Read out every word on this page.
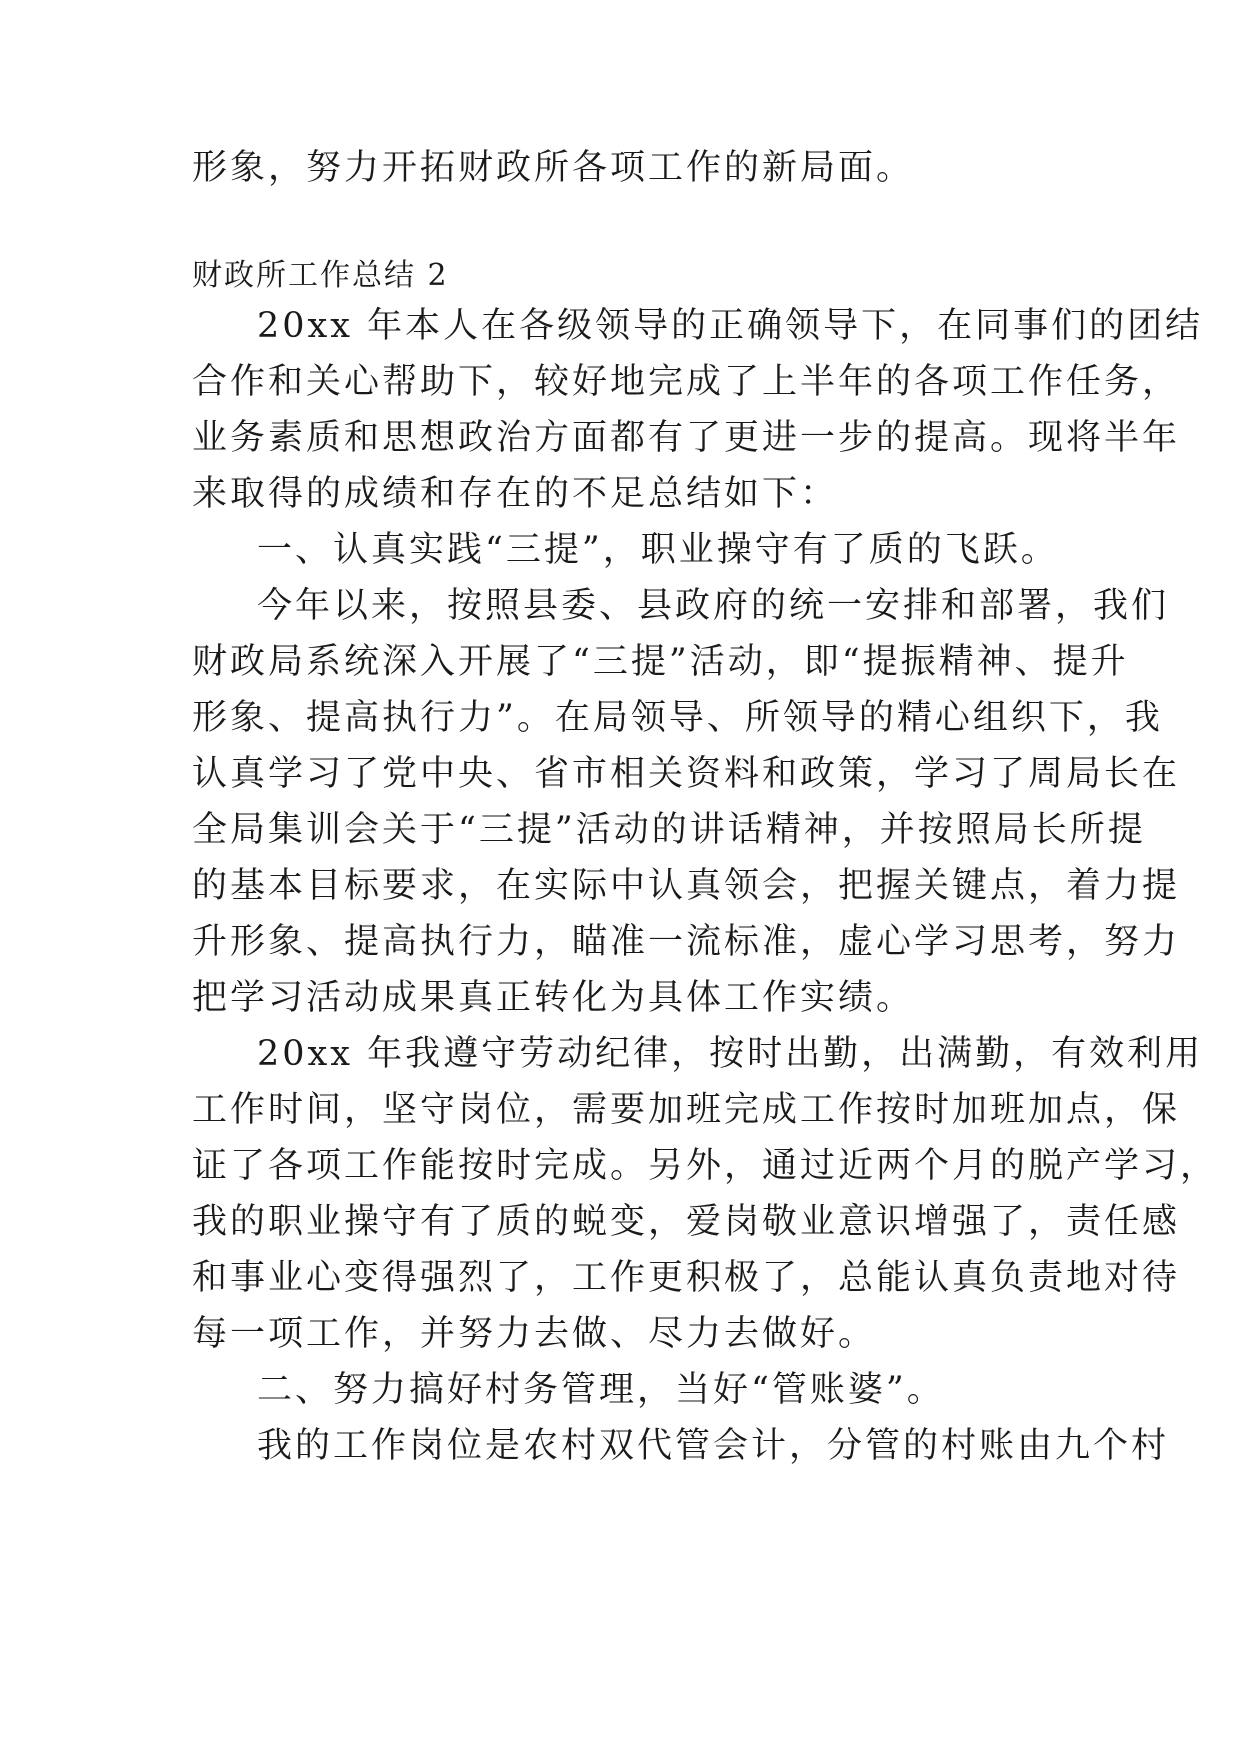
形象，努力开拓财政所各项工作的新局面。
财政所工作总结 2
20xx 年本人在各级领导的正确领导下，在同事们的团结
合作和关心帮助下，较好地完成了上半年的各项工作任务，
业务素质和思想政治方面都有了更进一步的提高。现将半年
来取得的成绩和存在的不足总结如下：
一、认真实践“三提”，职业操守有了质的飞跃。
今年以来，按照县委、县政府的统一安排和部署，我们
财政局系统深入开展了“三提”活动，即“提振精神、提升
形象、提高执行力”。在局领导、所领导的精心组织下，我
认真学习了党中央、省市相关资料和政策，学习了周局长在
全局集训会关于“三提”活动的讲话精神，并按照局长所提
的基本目标要求，在实际中认真领会，把握关键点，着力提
升形象、提高执行力，瞄准一流标准，虚心学习思考，努力
把学习活动成果真正转化为具体工作实绩。
20xx 年我遵守劳动纪律，按时出勤，出满勤，有效利用
工作时间，坚守岗位，需要加班完成工作按时加班加点，保
证了各项工作能按时完成。另外，通过近两个月的脱产学习，
我的职业操守有了质的蜕变，爱岗敬业意识增强了，责任感
和事业心变得强烈了，工作更积极了，总能认真负责地对待
每一项工作，并努力去做、尽力去做好。
二、努力搞好村务管理，当好“管账婆”。
我的工作岗位是农村双代管会计，分管的村账由九个村
